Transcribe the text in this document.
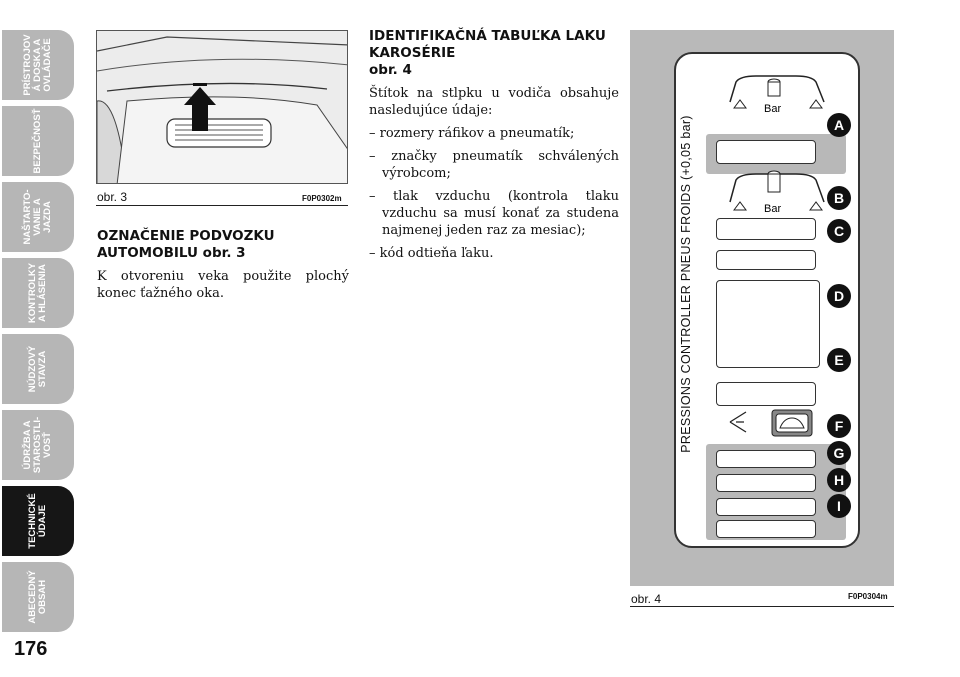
PRÍSTROJOV
Á DOSKA A
OVLÁDAČE
BEZPEČNOSŤ
NAŠTARTO-
VANIE A
JAZDA
KONTROLKY
A HLÁSENIA
NÚDZOVÝ
STAVZA
ÚDRŽBA A
STAROSTLI-
VOSŤ
TECHNICKÉ
ÚDAJE
ABECEDNÝ
OBSAH
176
obr. 3	F0P0302m
OZNAČENIE PODVOZKU AUTOMOBILU obr. 3

K otvoreniu veka použite plochý konec ťažného oka.

IDENTIFIKAČNÁ TABUĽKA LAKU KAROSÉRIE
obr. 4

Štítok na stlpku u vodiča obsahuje nasledujúce údaje:

– rozmery ráfikov a pneumatík;

– značky pneumatík schválených výrobcom;

– tlak vzduchu (kontrola tlaku vzduchu sa musí konať za studena najmenej jeden raz za mesiac);

– kód odtieňa ľaku.	PRESSIONS CONTROLLER PNEUS FROIDS (+0,05 bar)
Bar
Bar
A
B
C
D
E
F
G
H
I
obr. 4	F0P0304m
